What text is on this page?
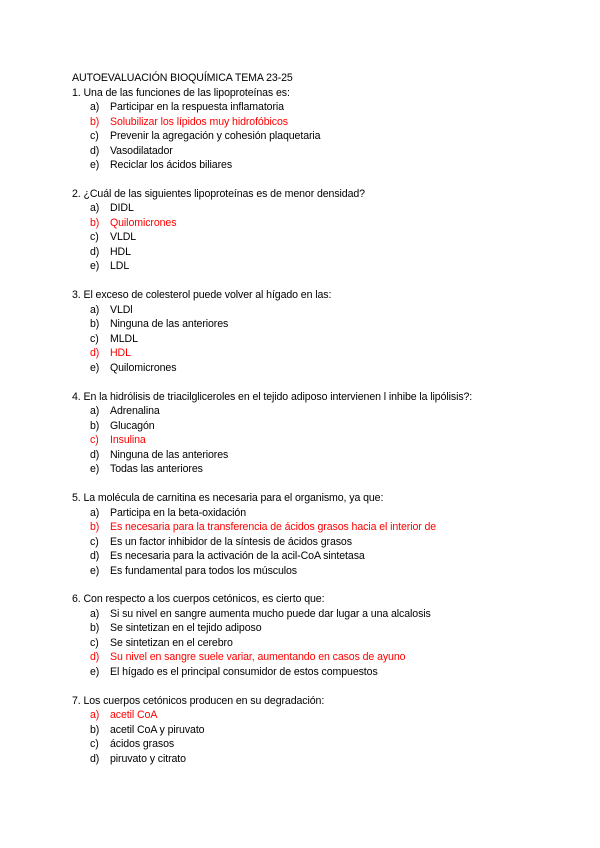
AUTOEVALUACIÓN BIOQUÍMICA TEMA 23-25
1. Una de las funciones de las lipoproteínas es:
a)	Participar en la respuesta inflamatoria
b)	Solubilizar los lípidos muy hidrofóbicos
c)	Prevenir la agregación y cohesión plaquetaria
d)	Vasodilatador
e)	Reciclar los ácidos biliares
2. ¿Cuál de las siguientes lipoproteínas es de menor densidad?
a)	DIDL
b)	Quilomicrones
c)	VLDL
d)	HDL
e)	LDL
3. El exceso de colesterol puede volver al hígado en las:
a)	VLDl
b)	Ninguna de las anteriores
c)	MLDL
d)	HDL
e)	Quilomicrones
4. En la hidrólisis de triacilgliceroles en el tejido adiposo intervienen l inhibe la lipólisis?:
a)	Adrenalina
b)	Glucagón
c)	Insulina
d)	Ninguna de las anteriores
e)	Todas las anteriores
5. La molécula de carnitina es necesaria para el organismo, ya que:
a)	Participa en la beta-oxidación
b)	Es necesaria para la transferencia de ácidos grasos hacia el interior de
c)	Es un factor inhibidor de la síntesis de ácidos grasos
d)	Es necesaria para la activación de la acil-CoA sintetasa
e)	Es fundamental para todos los músculos
6. Con respecto a los cuerpos cetónicos, es cierto que:
a)	Si su nivel en sangre aumenta mucho puede dar lugar a una alcalosis
b)	Se sintetizan en el tejido adiposo
c)	Se sintetizan en el cerebro
d)	Su nivel en sangre suele variar, aumentando en casos de ayuno
e)	El hígado es el principal consumidor de estos compuestos
7. Los cuerpos cetónicos producen en su degradación:
a)	acetil CoA
b)	acetil CoA y piruvato
c)	ácidos grasos
d)	piruvato y citrato
